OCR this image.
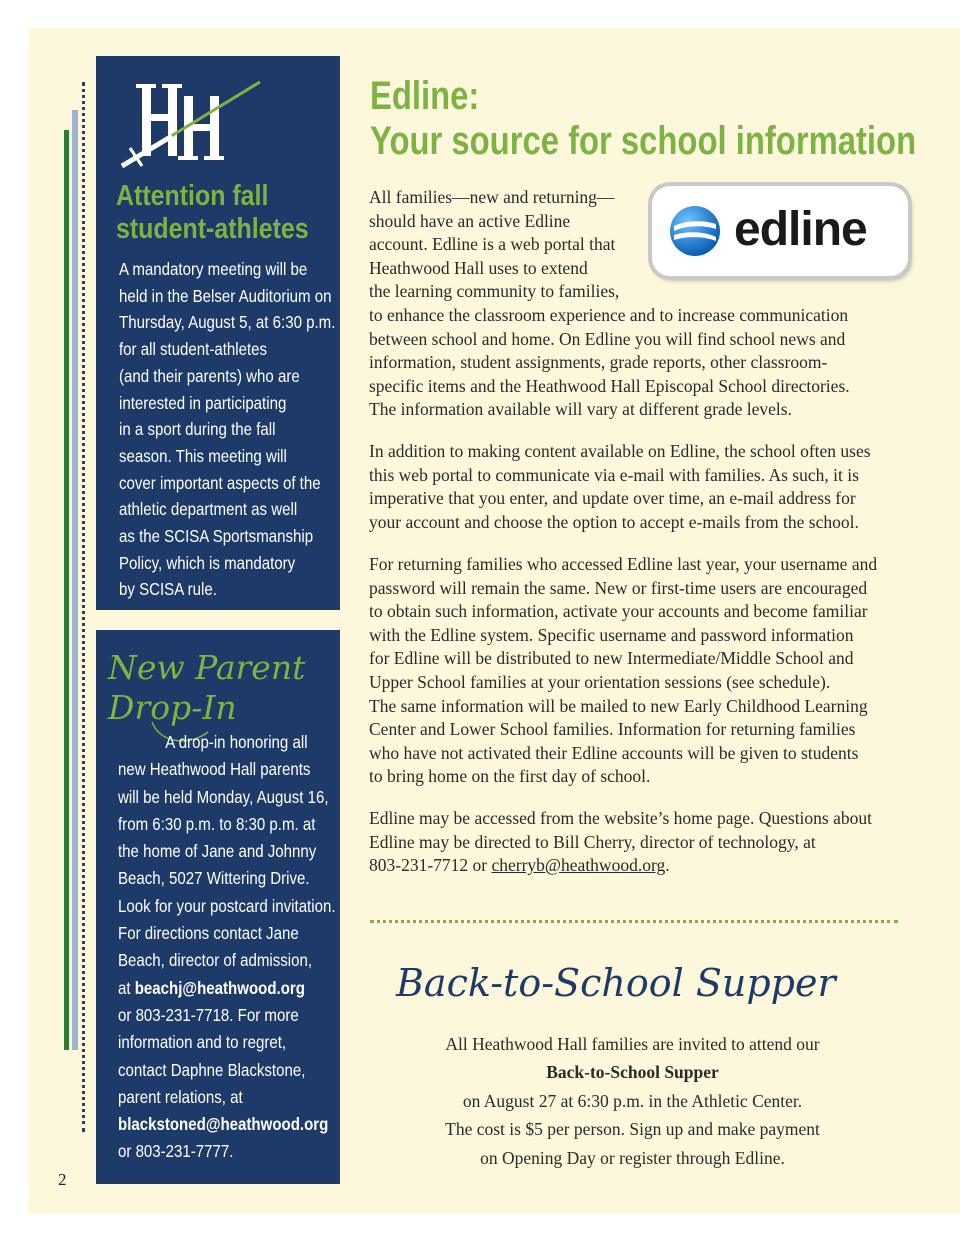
Attention fall
student-athletes
A mandatory meeting will be
held in the Belser Auditorium on
Thursday, August 5, at 6:30 p.m.
for all student-athletes
(and their parents) who are
interested in participating
in a sport during the fall
season. This meeting will
cover important aspects of the
athletic department as well
as the SCISA Sportsmanship
Policy, which is mandatory
by SCISA rule.
New Parent
Drop-In
A drop-in honoring all
new Heathwood Hall parents
will be held Monday, August 16,
from 6:30 p.m. to 8:30 p.m. at
the home of Jane and Johnny
Beach, 5027 Wittering Drive.
Look for your postcard invitation.
For directions contact Jane
Beach, director of admission,
at beachj@heathwood.org
or 803-231-7718. For more
information and to regret,
contact Daphne Blackstone,
parent relations, at
blackstoned@heathwood.org
or 803-231-7777.
2
Edline:
Your source for school information
edline
All families—new and returning—
should have an active Edline
account. Edline is a web portal that
Heathwood Hall uses to extend
the learning community to families,
to enhance the classroom experience and to increase communication
between school and home. On Edline you will find school news and
information, student assignments, grade reports, other classroom-
specific items and the Heathwood Hall Episcopal School directories.
The information available will vary at different grade levels.
In addition to making content available on Edline, the school often uses
this web portal to communicate via e-mail with families. As such, it is
imperative that you enter, and update over time, an e-mail address for
your account and choose the option to accept e-mails from the school.
For returning families who accessed Edline last year, your username and
password will remain the same. New or first-time users are encouraged
to obtain such information, activate your accounts and become familiar
with the Edline system. Specific username and password information
for Edline will be distributed to new Intermediate/Middle School and
Upper School families at your orientation sessions (see schedule).
The same information will be mailed to new Early Childhood Learning
Center and Lower School families. Information for returning families
who have not activated their Edline accounts will be given to students
to bring home on the first day of school.
Edline may be accessed from the website’s home page. Questions about
Edline may be directed to Bill Cherry, director of technology, at
803-231-7712 or cherryb@heathwood.org.
Back-to-School Supper
All Heathwood Hall families are invited to attend our
Back-to-School Supper
on August 27 at 6:30 p.m. in the Athletic Center.
The cost is $5 per person. Sign up and make payment
on Opening Day or register through Edline.
